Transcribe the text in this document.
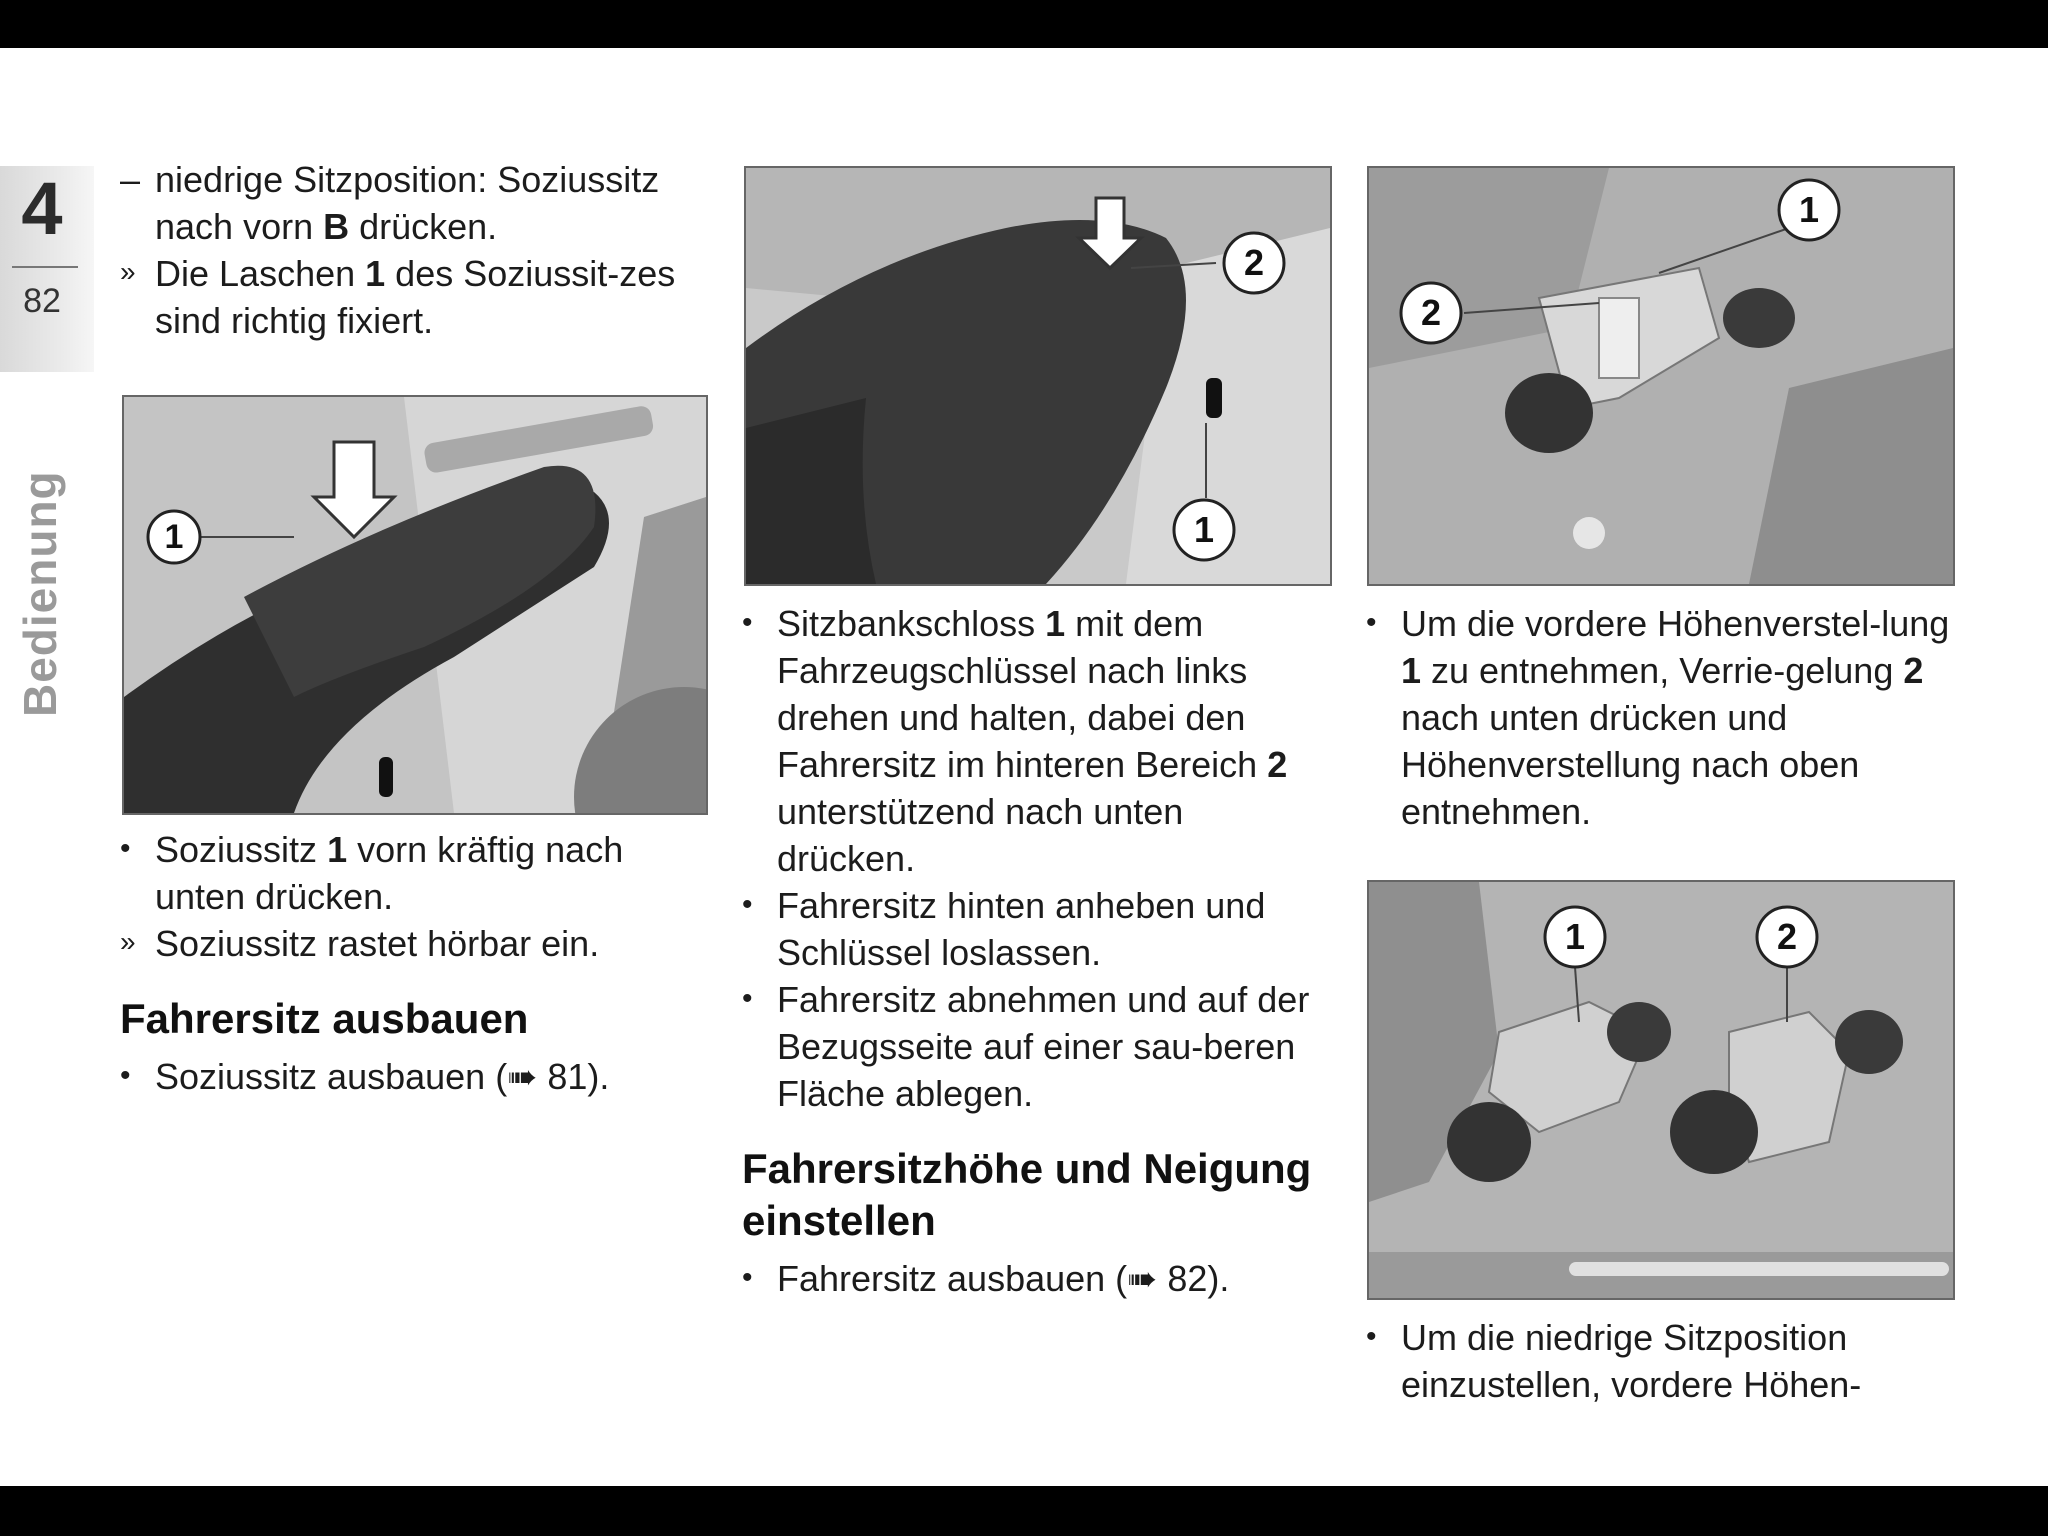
4
82
Bedienung
– niedrige Sitzposition: Soziussitz nach vorn B drücken.
» Die Laschen 1 des Soziussit-zes sind richtig fixiert.
1
• Soziussitz 1 vorn kräftig nach unten drücken.
» Soziussitz rastet hörbar ein.
Fahrersitz ausbauen
• Soziussitz ausbauen (➠ 81).
2
1
• Sitzbankschloss 1 mit dem Fahrzeugschlüssel nach links drehen und halten, dabei den Fahrersitz im hinteren Bereich 2 unterstützend nach unten drücken.
• Fahrersitz hinten anheben und Schlüssel loslassen.
• Fahrersitz abnehmen und auf der Bezugsseite auf einer sau-beren Fläche ablegen.
Fahrersitzhöhe und Neigung einstellen
• Fahrersitz ausbauen (➠ 82).
1
2
• Um die vordere Höhenverstel-lung 1 zu entnehmen, Verrie-gelung 2 nach unten drücken und Höhenverstellung nach oben entnehmen.
1	2
• Um die niedrige Sitzposition einzustellen, vordere Höhen-
